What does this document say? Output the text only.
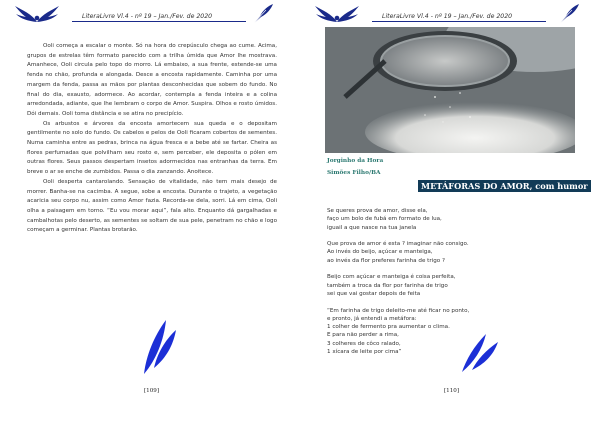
LiteraLivre Vl.4 - nº 19 – Jan./Fev. de 2020

Ooli começa a escalar o monte. Só na hora do crepúsculo chega ao cume. Acima, grupos de estrelas têm formato parecido com a trilha úmida que Amor lhe mostrava. Amanhece, Ooli circula pelo topo do morro. Lá embaixo, a sua frente, estende-se uma fenda no chão, profunda e alongada. Desce a encosta rapidamente. Caminha por uma margem da fenda, passa as mãos por plantas desconhecidas que sobem do fundo. No final do dia, exausto, adormece. Ao acordar, contempla a fenda inteira e a colina arredondada, adiante, que lhe lembram o corpo de Amor. Suspira. Olhos e rosto úmidos. Dói demais. Ooli toma distância e se atira no precipício.

Os arbustos e árvores da encosta amortecem sua queda e o depositam gentilmente no solo do fundo. Os cabelos e pelos de Ooli ficaram cobertos de sementes. Numa caminha entre as pedras, brinca na água fresca e a bebe até se fartar. Cheira as flores perfumadas que polvilham seu rosto e, sem perceber, ele deposita o pólen em outras flores. Seus passos despertam insetos adormecidos nas entranhas da terra. Em breve o ar se enche de zumbidos. Passa o dia zanzando. Anoitece.

Ooli desperta cantarolando. Sensação de vitalidade, não tem mais desejo de morrer. Banha-se na cacimba. A segue, sobe a encosta. Durante o trajeto, a vegetação acaricia seu corpo nu, assim como Amor fazia. Recorda-se dela, sorri. Lá em cima, Ooli olha a paisagem em torno. “Eu vou morar aqui”, fala alto. Enquanto dá gargalhadas e cambalhotas pelo deserto, as sementes se soltam de sua pele, penetram no chão e logo começam a germinar. Plantas brotarão.

[109]
LiteraLivre Vl.4 - nº 19 – Jan./Fev. de 2020
Jorginho da Hora
Simões Filho/BA
METÁFORAS DO AMOR, com humor
Se queres prova de amor, disse ela,
faço um bolo de fubá em formato de lua,
iguail a que nasce na tua janela
Que prova de amor é esta ? imaginar não consigo.
Ao invés do beijo, açúcar e manteiga,
ao invés da flor preferes farinha de trigo ?
Beijo com açúcar e manteiga é coisa perfeita,
também a troca da flor por farinha de trigo
sei que vai gostar depois de feita
“Em farinha de trigo deleito-me até ficar no ponto,
e pronto, já entendi a metáfora:
1 colher de fermento pra aumentar o clima.
E para não perder a rima,
3 colheres de côco ralado,
1 xícara de leite por cima”
[110]
